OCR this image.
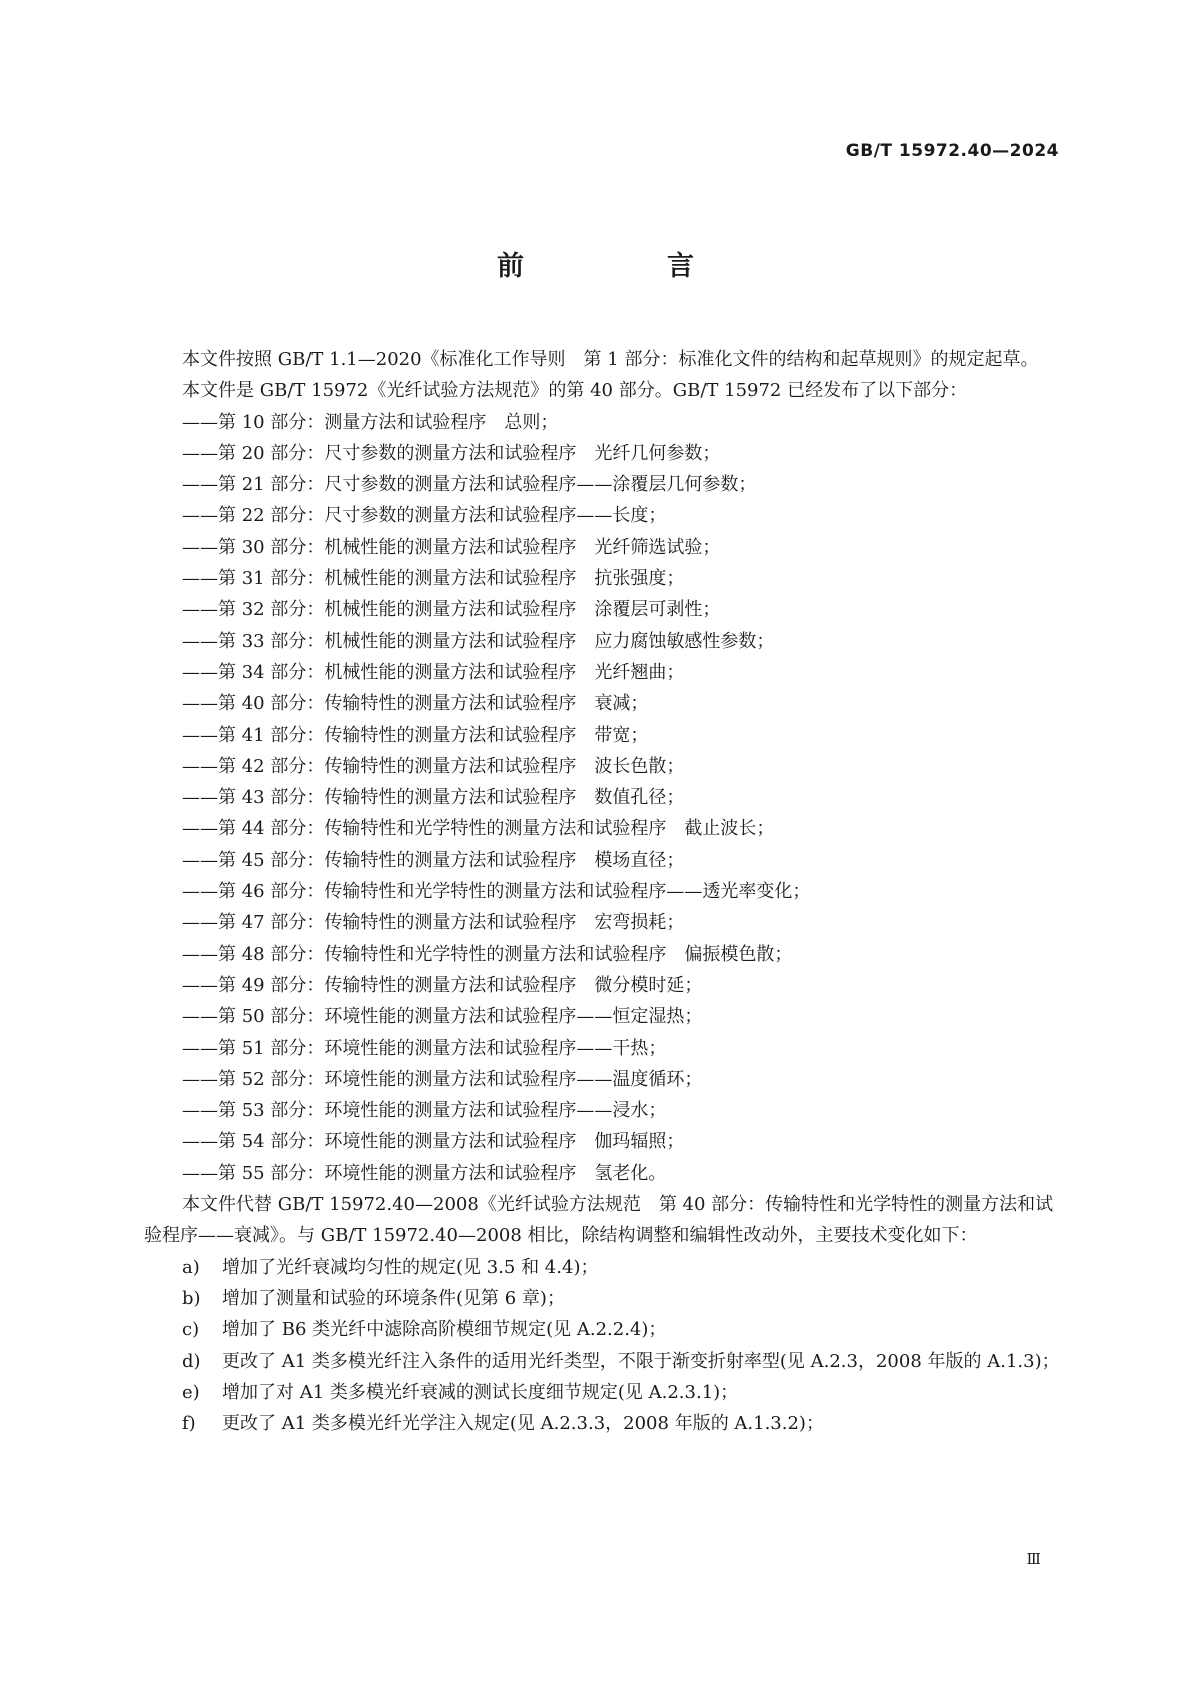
GB/T 15972.40—2024
前　言

本文件按照 GB/T 1.1—2020《标准化工作导则　第 1 部分：标准化文件的结构和起草规则》的规定起草。

本文件是 GB/T 15972《光纤试验方法规范》的第 40 部分。GB/T 15972 已经发布了以下部分：

——第 10 部分：测量方法和试验程序　总则；

——第 20 部分：尺寸参数的测量方法和试验程序　光纤几何参数；

——第 21 部分：尺寸参数的测量方法和试验程序——涂覆层几何参数；

——第 22 部分：尺寸参数的测量方法和试验程序——长度；

——第 30 部分：机械性能的测量方法和试验程序　光纤筛选试验；

——第 31 部分：机械性能的测量方法和试验程序　抗张强度；

——第 32 部分：机械性能的测量方法和试验程序　涂覆层可剥性；

——第 33 部分：机械性能的测量方法和试验程序　应力腐蚀敏感性参数；

——第 34 部分：机械性能的测量方法和试验程序　光纤翘曲；

——第 40 部分：传输特性的测量方法和试验程序　衰减；

——第 41 部分：传输特性的测量方法和试验程序　带宽；

——第 42 部分：传输特性的测量方法和试验程序　波长色散；

——第 43 部分：传输特性的测量方法和试验程序　数值孔径；

——第 44 部分：传输特性和光学特性的测量方法和试验程序　截止波长；

——第 45 部分：传输特性的测量方法和试验程序　模场直径；

——第 46 部分：传输特性和光学特性的测量方法和试验程序——透光率变化；

——第 47 部分：传输特性的测量方法和试验程序　宏弯损耗；

——第 48 部分：传输特性和光学特性的测量方法和试验程序　偏振模色散；

——第 49 部分：传输特性的测量方法和试验程序　微分模时延；

——第 50 部分：环境性能的测量方法和试验程序——恒定湿热；

——第 51 部分：环境性能的测量方法和试验程序——干热；

——第 52 部分：环境性能的测量方法和试验程序——温度循环；

——第 53 部分：环境性能的测量方法和试验程序——浸水；

——第 54 部分：环境性能的测量方法和试验程序　伽玛辐照；

——第 55 部分：环境性能的测量方法和试验程序　氢老化。

本文件代替 GB/T 15972.40—2008《光纤试验方法规范　第 40 部分：传输特性和光学特性的测量方法和试验程序——衰减》。与 GB/T 15972.40—2008 相比，除结构调整和编辑性改动外，主要技术变化如下：

a)	增加了光纤衰减均匀性的规定(见 3.5 和 4.4)；
b)	增加了测量和试验的环境条件(见第 6 章)；
c)	增加了 B6 类光纤中滤除高阶模细节规定(见 A.2.2.4)；
d)	更改了 A1 类多模光纤注入条件的适用光纤类型，不限于渐变折射率型(见 A.2.3，2008 年版的 A.1.3)；
e)	增加了对 A1 类多模光纤衰减的测试长度细节规定(见 A.2.3.1)；
f)	更改了 A1 类多模光纤光学注入规定(见 A.2.3.3，2008 年版的 A.1.3.2)；
Ⅲ
